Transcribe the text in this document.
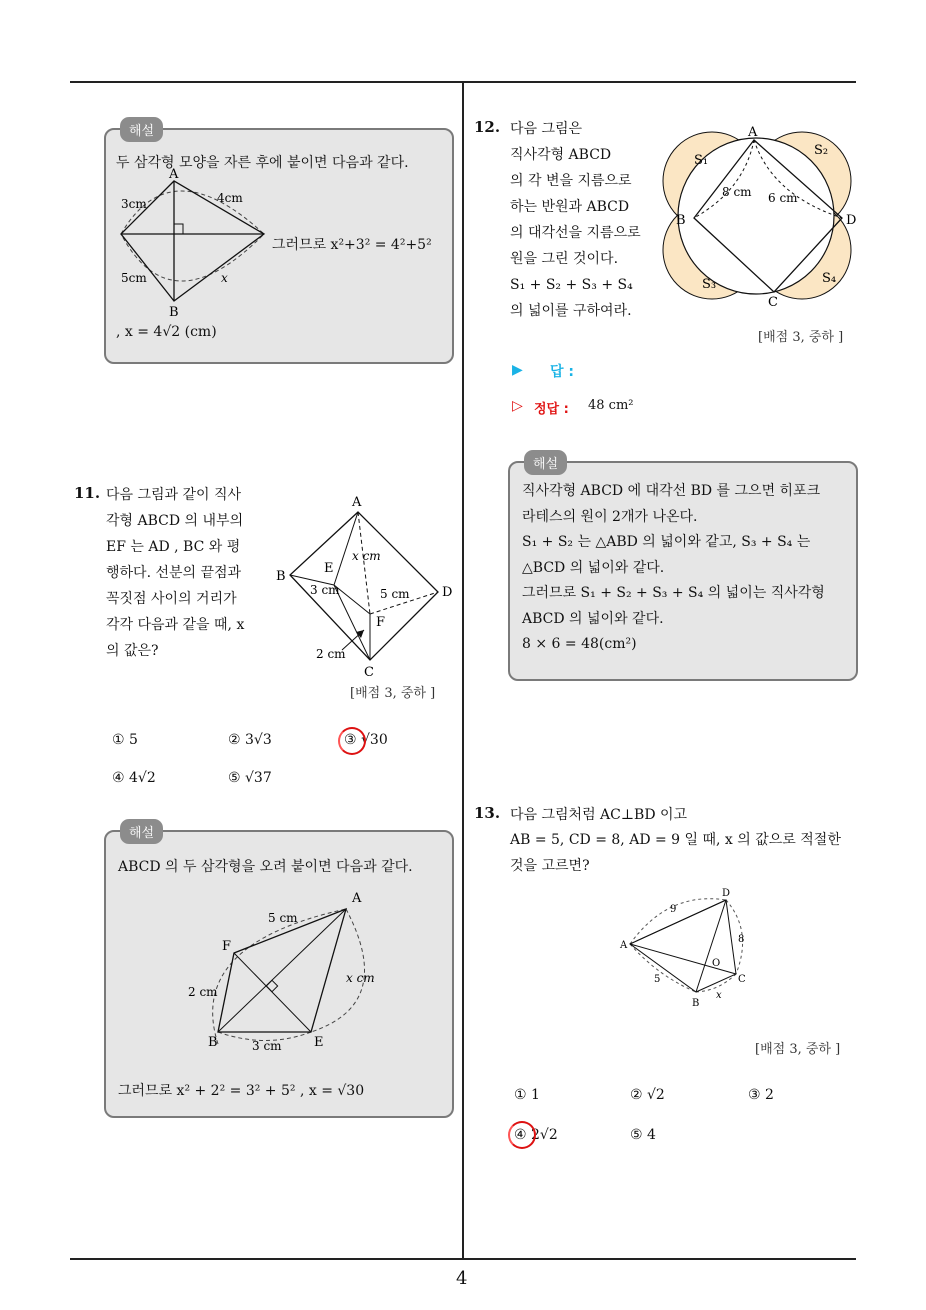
4
해설
두 삼각형 모양을 자른 후에 붙이면 다음과 같다.
A
B
3cm	4cm
5cm	x
그러므로 x²+3² = 4²+5²
, x = 4√2 (cm)
11. 다음 그림과 같이 직사
각형 ABCD 의 내부의
EF 는 AD , BC 와 평
행하다. 선분의 끝점과
꼭짓점 사이의 거리가
각각 다음과 같을 때, x
의 값은?
A
B
C
D
E
F
3 cm
x cm
5 cm
2 cm
[배점 3, 중하 ]
① 5	② 3√3	③ √30
④ 4√2	⑤ √37
해설
ABCD 의 두 삼각형을 오려 붙이면 다음과 같다.
A
F
B	E
5 cm
2 cm
3 cm
x cm
그러므로 x² + 2² = 3² + 5² , x = √30
12. 다음 그림은
직사각형 ABCD
의 각 변을 지름으로
하는 반원과 ABCD
의 대각선을 지름으로
원을 그린 것이다.
S₁ + S₂ + S₃ + S₄
의 넓이를 구하여라.
A
B
C
D
S₁
S₂
S₃	S₄
8 cm 6 cm
[배점 3, 중하 ]
▶ 답 :
▷ 정답 : 48 cm²
해설
직사각형 ABCD 에 대각선 BD 를 그으면 히포크
라테스의 원이 2개가 나온다.
S₁ + S₂ 는 △ABD 의 넓이와 같고, S₃ + S₄ 는
△BCD 의 넓이와 같다.
그러므로 S₁ + S₂ + S₃ + S₄ 의 넓이는 직사각형
ABCD 의 넓이와 같다.
8 × 6 = 48(cm²)
13. 다음 그림처럼 AC⊥BD 이고
AB = 5, CD = 8, AD = 9 일 때, x 의 값으로 적절한
것을 고르면?
A
B
C
D
O
9
8
5
x
[배점 3, 중하 ]
① 1	② √2	③ 2
④ 2√2	⑤ 4
